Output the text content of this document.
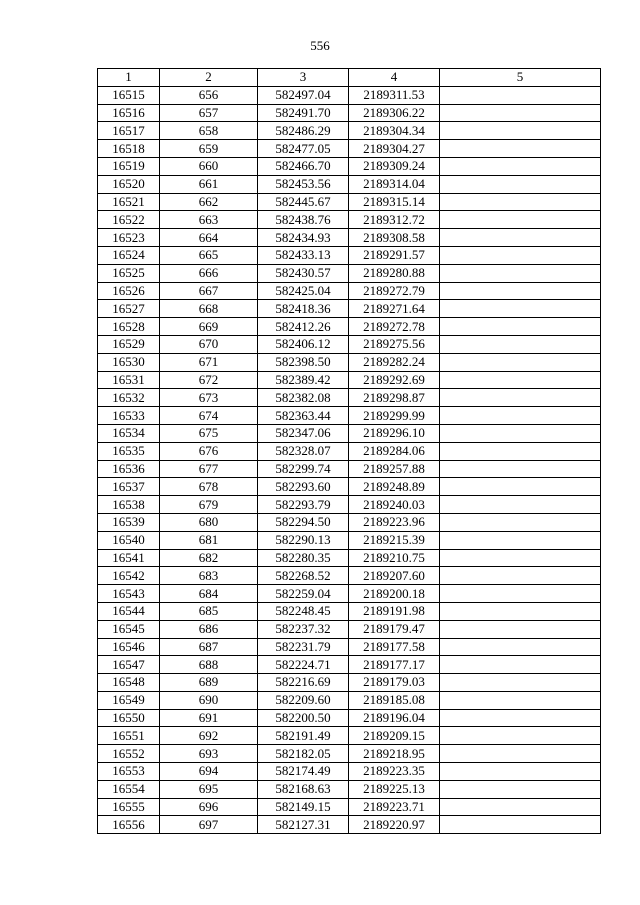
556
1	2	3	4	5
16515	656	582497.04	2189311.53	
16516	657	582491.70	2189306.22	
16517	658	582486.29	2189304.34	
16518	659	582477.05	2189304.27	
16519	660	582466.70	2189309.24	
16520	661	582453.56	2189314.04	
16521	662	582445.67	2189315.14	
16522	663	582438.76	2189312.72	
16523	664	582434.93	2189308.58	
16524	665	582433.13	2189291.57	
16525	666	582430.57	2189280.88	
16526	667	582425.04	2189272.79	
16527	668	582418.36	2189271.64	
16528	669	582412.26	2189272.78	
16529	670	582406.12	2189275.56	
16530	671	582398.50	2189282.24	
16531	672	582389.42	2189292.69	
16532	673	582382.08	2189298.87	
16533	674	582363.44	2189299.99	
16534	675	582347.06	2189296.10	
16535	676	582328.07	2189284.06	
16536	677	582299.74	2189257.88	
16537	678	582293.60	2189248.89	
16538	679	582293.79	2189240.03	
16539	680	582294.50	2189223.96	
16540	681	582290.13	2189215.39	
16541	682	582280.35	2189210.75	
16542	683	582268.52	2189207.60	
16543	684	582259.04	2189200.18	
16544	685	582248.45	2189191.98	
16545	686	582237.32	2189179.47	
16546	687	582231.79	2189177.58	
16547	688	582224.71	2189177.17	
16548	689	582216.69	2189179.03	
16549	690	582209.60	2189185.08	
16550	691	582200.50	2189196.04	
16551	692	582191.49	2189209.15	
16552	693	582182.05	2189218.95	
16553	694	582174.49	2189223.35	
16554	695	582168.63	2189225.13	
16555	696	582149.15	2189223.71	
16556	697	582127.31	2189220.97	
